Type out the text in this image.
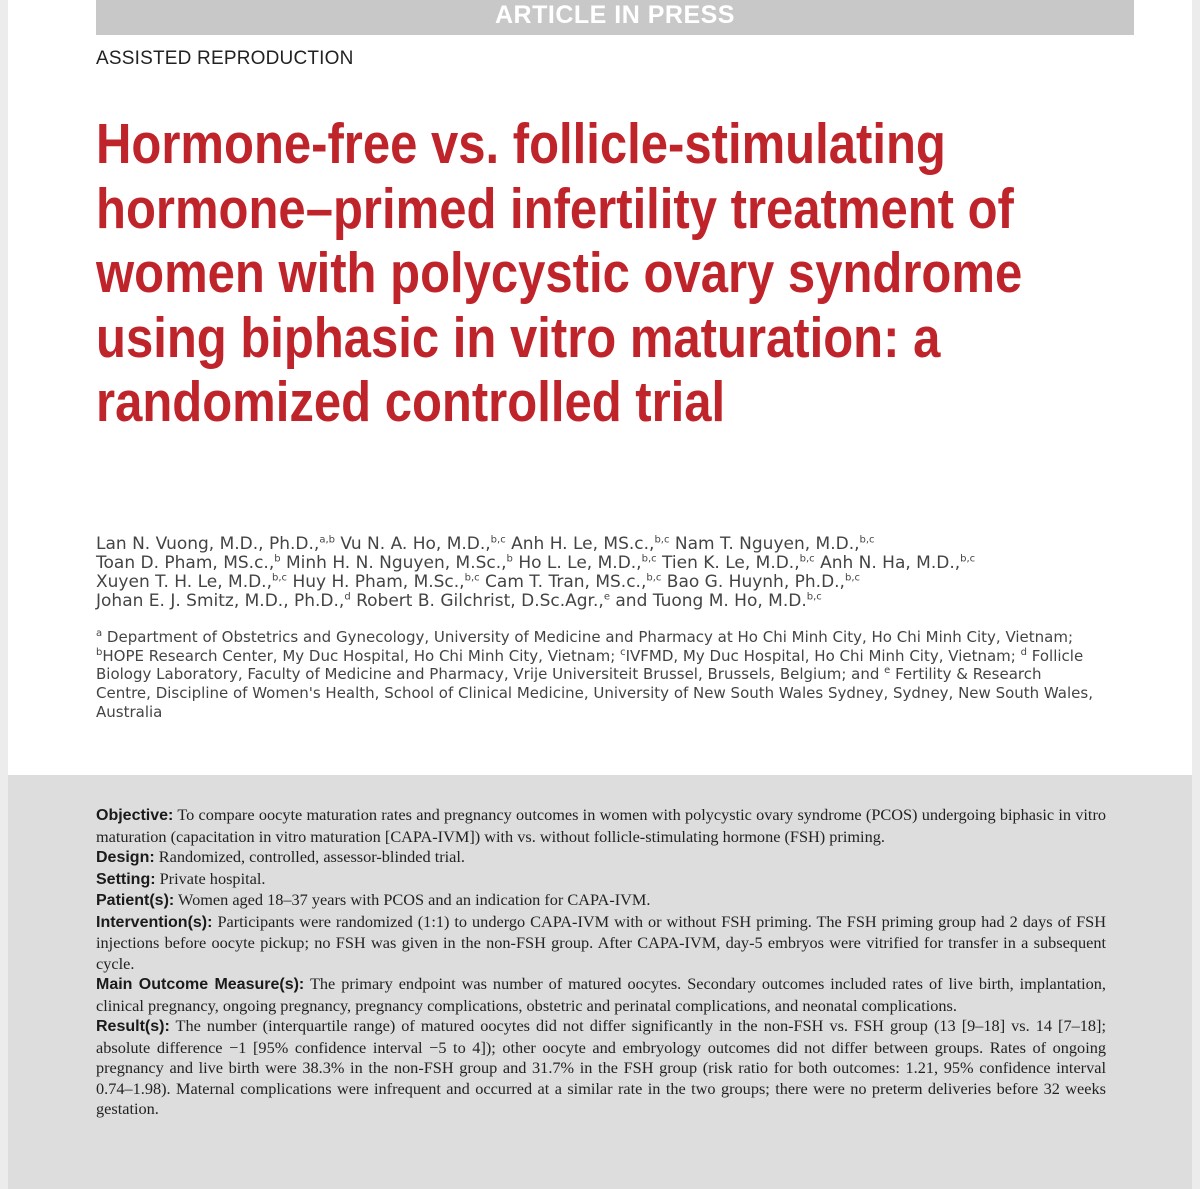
ARTICLE IN PRESS
ASSISTED REPRODUCTION
Hormone-free vs. follicle-stimulating hormone–primed infertility treatment of women with polycystic ovary syndrome using biphasic in vitro maturation: a randomized controlled trial
Lan N. Vuong, M.D., Ph.D.,$^{a,b}$ Vu N. A. Ho, M.D.,$^{b,c}$ Anh H. Le, MS.c.,$^{b,c}$ Nam T. Nguyen, M.D.,$^{b,c}$
Toan D. Pham, MS.c.,$^b$ Minh H. N. Nguyen, M.Sc.,$^b$ Ho L. Le, M.D.,$^{b,c}$ Tien K. Le, M.D.,$^{b,c}$ Anh N. Ha, M.D.,$^{b,c}$
Xuyen T. H. Le, M.D.,$^{b,c}$ Huy H. Pham, M.Sc.,$^{b,c}$ Cam T. Tran, MS.c.,$^{b,c}$ Bao G. Huynh, Ph.D.,$^{b,c}$
Johan E. J. Smitz, M.D., Ph.D.,$^d$ Robert B. Gilchrist, D.Sc.Agr.,$^e$ and Tuong M. Ho, M.D.$^{b,c}$
$^a$ Department of Obstetrics and Gynecology, University of Medicine and Pharmacy at Ho Chi Minh City, Ho Chi Minh City, Vietnam; $^b$HOPE Research Center, My Duc Hospital, Ho Chi Minh City, Vietnam; $^c$IVFMD, My Duc Hospital, Ho Chi Minh City, Vietnam; $^d$ Follicle Biology Laboratory, Faculty of Medicine and Pharmacy, Vrije Universiteit Brussel, Brussels, Belgium; and $^e$ Fertility & Research Centre, Discipline of Women's Health, School of Clinical Medicine, University of New South Wales Sydney, Sydney, New South Wales, Australia

Objective: To compare oocyte maturation rates and pregnancy outcomes in women with polycystic ovary syndrome (PCOS) undergoing biphasic in vitro maturation (capacitation in vitro maturation [CAPA-IVM]) with vs. without follicle-stimulating hormone (FSH) priming.

Design: Randomized, controlled, assessor-blinded trial.

Setting: Private hospital.

Patient(s): Women aged 18–37 years with PCOS and an indication for CAPA-IVM.

Intervention(s): Participants were randomized (1:1) to undergo CAPA-IVM with or without FSH priming. The FSH priming group had 2 days of FSH injections before oocyte pickup; no FSH was given in the non-FSH group. After CAPA-IVM, day-5 embryos were vitrified for transfer in a subsequent cycle.

Main Outcome Measure(s): The primary endpoint was number of matured oocytes. Secondary outcomes included rates of live birth, implantation, clinical pregnancy, ongoing pregnancy, pregnancy complications, obstetric and perinatal complications, and neonatal complications.

Result(s): The number (interquartile range) of matured oocytes did not differ significantly in the non-FSH vs. FSH group (13 [9–18] vs. 14 [7–18]; absolute difference −1 [95% confidence interval −5 to 4]); other oocyte and embryology outcomes did not differ between groups. Rates of ongoing pregnancy and live birth were 38.3% in the non-FSH group and 31.7% in the FSH group (risk ratio for both outcomes: 1.21, 95% confidence interval 0.74–1.98). Maternal complications were infrequent and occurred at a similar rate in the two groups; there were no preterm deliveries before 32 weeks gestation.
